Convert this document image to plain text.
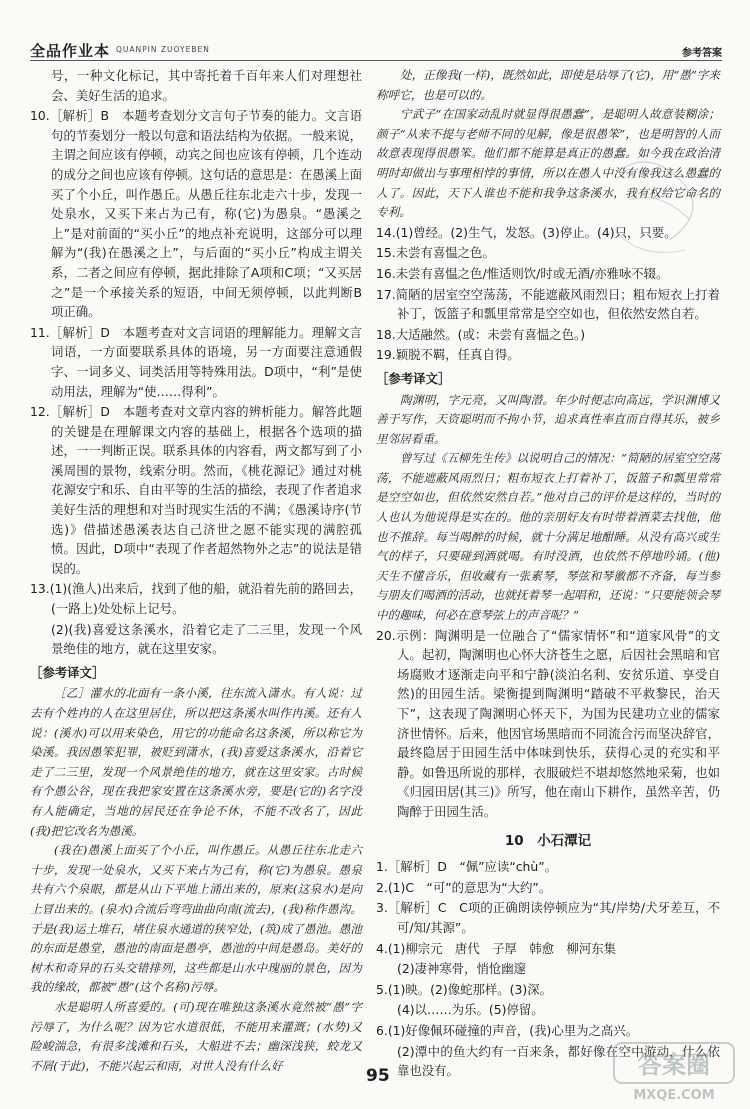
全品作业本 QUANPIN ZUOYEBEN	参考答案
号，一种文化标记，其中寄托着千百年来人们对理想社会、美好生活的追求。
10.［解析］B　本题考查划分文言句子节奏的能力。文言语句的节奏划分一般以句意和语法结构为依据。一般来说，主谓之间应该有停顿，动宾之间也应该有停顿，几个连动的成分之间也应该有停顿。这句话的意思是：在愚溪上面买了个小丘，叫作愚丘。从愚丘往东北走六十步，发现一处泉水，又买下来占为己有，称(它)为愚泉。“愚溪之上”是对前面的“买小丘”的地点补充说明，这部分可以理解为“(我)在愚溪之上”，与后面的“买小丘”构成主谓关系，二者之间应有停顿，据此排除了A项和C项；“又买居之”是一个承接关系的短语，中间无须停顿，以此判断B项正确。
11.［解析］D　本题考查对文言词语的理解能力。理解文言词语，一方面要联系具体的语境，另一方面要注意通假字、一词多义、词类活用等特殊用法。D项中，“利”是使动用法，理解为“使……得利”。
12.［解析］D　本题考查对文章内容的辨析能力。解答此题的关键是在理解课文内容的基础上，根据各个选项的描述，一一判断正误。联系具体的内容看，两文都写到了小溪周围的景物，线索分明。然而，《桃花源记》通过对桃花源安宁和乐、自由平等的生活的描绘，表现了作者追求美好生活的理想和对当时现实生活的不满；《愚溪诗序(节选)》借描述愚溪表达自己济世之愿不能实现的满腔孤愤。因此，D项中“表现了作者超然物外之志”的说法是错误的。
13.(1)(渔人)出来后，找到了他的船，就沿着先前的路回去，(一路上)处处标上记号。
(2)(我)喜爱这条溪水，沿着它走了二三里，发现一个风景绝佳的地方，就在这里安家。
［参考译文］
［乙］灌水的北面有一条小溪，往东流入潇水。有人说：过去有个姓冉的人在这里居住，所以把这条溪水叫作冉溪。还有人说：(溪水)可以用来染色，用它的功能命名这条溪，所以称它为染溪。我因愚笨犯罪，被贬到潇水，(我)喜爱这条溪水，沿着它走了二三里，发现一个风景绝佳的地方，就在这里安家。古时候有个愚公谷，现在我把家安置在这条溪水旁，要是(它的)名字没有人能确定，当地的居民还在争论不休，不能不改名了，因此(我)把它改名为愚溪。
(我在)愚溪上面买了个小丘，叫作愚丘。从愚丘往东北走六十步，发现一处泉水，又买下来占为己有，称(它)为愚泉。愚泉共有六个泉眼，都是从山下平地上涌出来的，原来(这泉水)是向上冒出来的。(泉水)合流后弯弯曲曲向南(流去)，(我)称作愚沟。于是(我)运土堆石，堵住泉水通道的狭窄处，(筑)成了愚池。愚池的东面是愚堂，愚池的南面是愚亭，愚池的中间是愚岛。美好的树木和奇异的石头交错排列，这些都是山水中瑰丽的景色，因为我的缘故，都被“愚”(这个名称)污辱。
水是聪明人所喜爱的。(可)现在唯独这条溪水竟然被“愚”字污辱了，为什么呢？因为它水道很低，不能用来灌溉；(水势)又险峻湍急，有很多浅滩和石头，大船进不去；幽深浅狭，蛟龙又不屑(于此)，不能兴起云和雨，对世人没有什么好
处，正像我(一样)，既然如此，即使是玷辱了(它)，用“愚”字来称呼它，也是可以的。
宁武子“在国家动乱时就显得很愚蠢”，是聪明人故意装糊涂；颜子“从来不提与老师不同的见解，像是很愚笨”，也是明智的人而故意表现得很愚笨。他们都不能算是真正的愚蠢。如今我在政治清明时却做出与事理相悖的事情，所以在愚人中没有像我这么愚蠢的人了。因此，天下人谁也不能和我争这条溪水，我有权给它命名的专利。
14.(1)曾经。(2)生气，发怒。(3)停止。(4)只，只要。
15.未尝有喜愠之色。
16.未尝有喜愠之色/惟适则饮/时或无酒/亦雅咏不辍。
17.简陋的居室空空荡荡，不能遮蔽风雨烈日；粗布短衣上打着补丁，饭篮子和瓢里常常是空空如也，但依然安然自若。
18.大适融然。(或：未尝有喜愠之色。)
19.颖脱不羁，任真自得。
［参考译文］
陶渊明，字元亮，又叫陶潜。年少时便志向高远，学识渊博又善于写作，天资聪明而不拘小节，追求真性率直而自得其乐，被乡里邻居看重。
曾写过《五柳先生传》以说明自己的情况：“简陋的居室空空荡荡，不能遮蔽风雨烈日；粗布短衣上打着补丁，饭篮子和瓢里常常是空空如也，但依然安然自若。”他对自己的评价是这样的，当时的人也认为他说得是实在的。他的亲朋好友有时带着酒菜去找他，他也不推辞。每当喝醉的时候，就十分满足地酣睡。从没有高兴或生气的样子，只要碰到酒就喝。有时没酒，也依然不停地吟诵。(他)天生不懂音乐，但收藏有一张素琴，琴弦和琴徽都不齐备，每当参与朋友们喝酒的活动，也就抚着琴一起唱和，还说：“只要能领会琴中的趣味，何必在意琴弦上的声音呢？”
20.示例：陶渊明是一位融合了“儒家情怀”和“道家风骨”的文人。起初，陶渊明也心怀大济苍生之愿，后因社会黑暗和官场腐败才逐渐走向平和宁静(淡泊名利、安贫乐道、享受自然)的田园生活。梁衡提到陶渊明“踏破不平救黎民，治天下”，这表现了陶渊明心怀天下，为国为民建功立业的儒家济世情怀。后来，他因官场黑暗而不同流合污而坚决辞官，最终隐居于田园生活中体味到快乐，获得心灵的充实和平静。如鲁迅所说的那样，衣服破烂不堪却悠然地采菊，也如《归园田居(其三)》所写，他在南山下耕作，虽然辛苦，仍陶醉于田园生活。
10　小石潭记
1.［解析］D　“佩”应读“chù”。
2.(1)C　“可”的意思为“大约”。
3.［解析］C　C项的正确朗读停顿应为“其/岸势/犬牙差互，不可/知/其源”。
4.(1)柳宗元　唐代　子厚　韩愈　柳河东集
(2)凄神寒骨，悄怆幽邃
5.(1)映。(2)像蛇那样。(3)深。
(4)以……为乐。(5)停留。
6.(1)好像佩环碰撞的声音，(我)心里为之高兴。
(2)潭中的鱼大约有一百来条，都好像在空中游动，什么依靠也没有。
95	答案圈
MXQE.COM
